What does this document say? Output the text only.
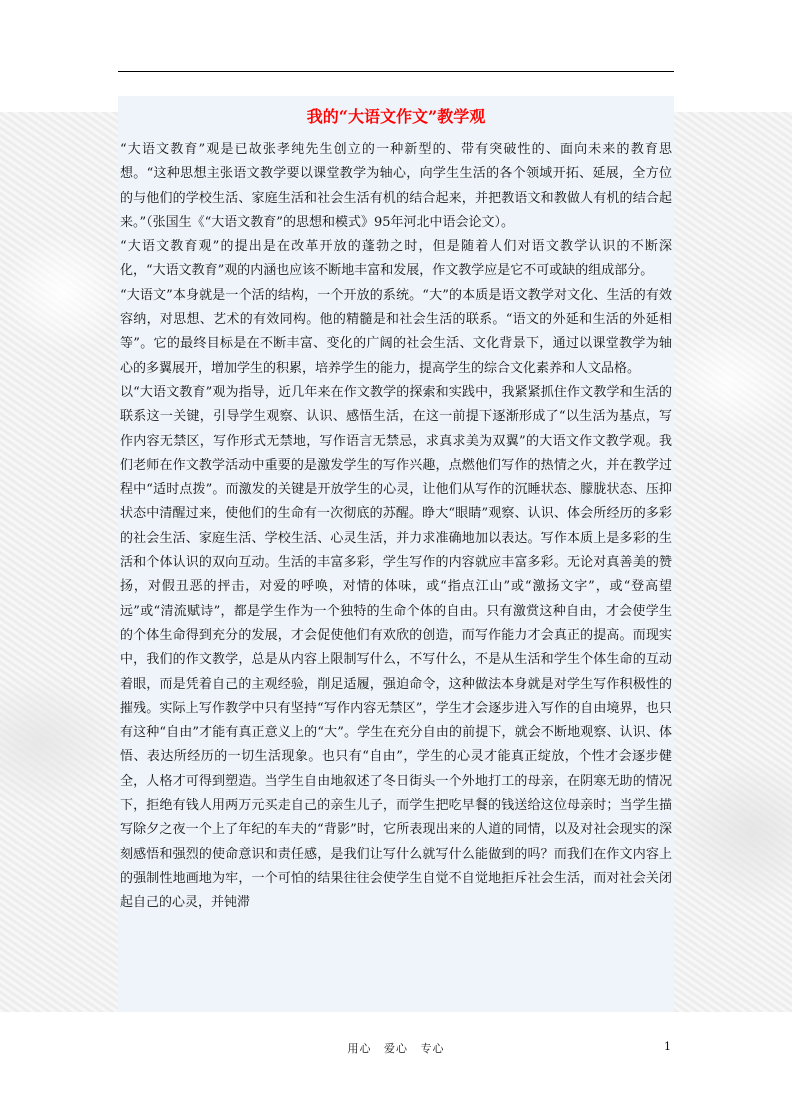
我的“大语文作文”教学观

“大语文教育”观是已故张孝纯先生创立的一种新型的、带有突破性的、面向未来的教育思想。“这种思想主张语文教学要以课堂教学为轴心，向学生生活的各个领域开拓、延展，全方位的与他们的学校生活、家庭生活和社会生活有机的结合起来，并把教语文和教做人有机的结合起来。”（张国生《“大语文教育”的思想和模式》95年河北中语会论文）。

“大语文教育观”的提出是在改革开放的蓬勃之时，但是随着人们对语文教学认识的不断深化，“大语文教育”观的内涵也应该不断地丰富和发展，作文教学应是它不可或缺的组成部分。

“大语文”本身就是一个活的结构，一个开放的系统。“大”的本质是语文教学对文化、生活的有效容纳，对思想、艺术的有效同构。他的精髓是和社会生活的联系。“语文的外延和生活的外延相等”。它的最终目标是在不断丰富、变化的广阔的社会生活、文化背景下，通过以课堂教学为轴心的多翼展开，增加学生的积累，培养学生的能力，提高学生的综合文化素养和人文品格。

以“大语文教育”观为指导，近几年来在作文教学的探索和实践中，我紧紧抓住作文教学和生活的联系这一关键，引导学生观察、认识、感悟生活，在这一前提下逐渐形成了“以生活为基点，写作内容无禁区，写作形式无禁地，写作语言无禁忌，求真求美为双翼”的大语文作文教学观。我们老师在作文教学活动中重要的是激发学生的写作兴趣，点燃他们写作的热情之火，并在教学过程中“适时点拨”。而激发的关键是开放学生的心灵，让他们从写作的沉睡状态、朦胧状态、压抑状态中清醒过来，使他们的生命有一次彻底的苏醒。睁大“眼睛”观察、认识、体会所经历的多彩的社会生活、家庭生活、学校生活、心灵生活，并力求准确地加以表达。写作本质上是多彩的生活和个体认识的双向互动。生活的丰富多彩，学生写作的内容就应丰富多彩。无论对真善美的赞扬，对假丑恶的抨击，对爱的呼唤，对情的体味，或“指点江山”或“激扬文字”，或“登高望远”或“清流赋诗”，都是学生作为一个独特的生命个体的自由。只有激赏这种自由，才会使学生的个体生命得到充分的发展，才会促使他们有欢欣的创造，而写作能力才会真正的提高。而现实中，我们的作文教学，总是从内容上限制写什么，不写什么，不是从生活和学生个体生命的互动着眼，而是凭着自己的主观经验，削足适履，强迫命令，这种做法本身就是对学生写作积极性的摧残。实际上写作教学中只有坚持“写作内容无禁区”，学生才会逐步进入写作的自由境界，也只有这种“自由”才能有真正意义上的“大”。学生在充分自由的前提下，就会不断地观察、认识、体悟、表达所经历的一切生活现象。也只有“自由”，学生的心灵才能真正绽放，个性才会逐步健全，人格才可得到塑造。当学生自由地叙述了冬日街头一个外地打工的母亲，在阴寒无助的情况下，拒绝有钱人用两万元买走自己的亲生儿子，而学生把吃早餐的钱送给这位母亲时；当学生描写除夕之夜一个上了年纪的车夫的“背影”时，它所表现出来的人道的同情，以及对社会现实的深刻感悟和强烈的使命意识和责任感，是我们让写什么就写什么能做到的吗？而我们在作文内容上的强制性地画地为牢，一个可怕的结果往往会使学生自觉不自觉地拒斥社会生活，而对社会关闭起自己的心灵，并钝滞

用心 爱心 专心	1
